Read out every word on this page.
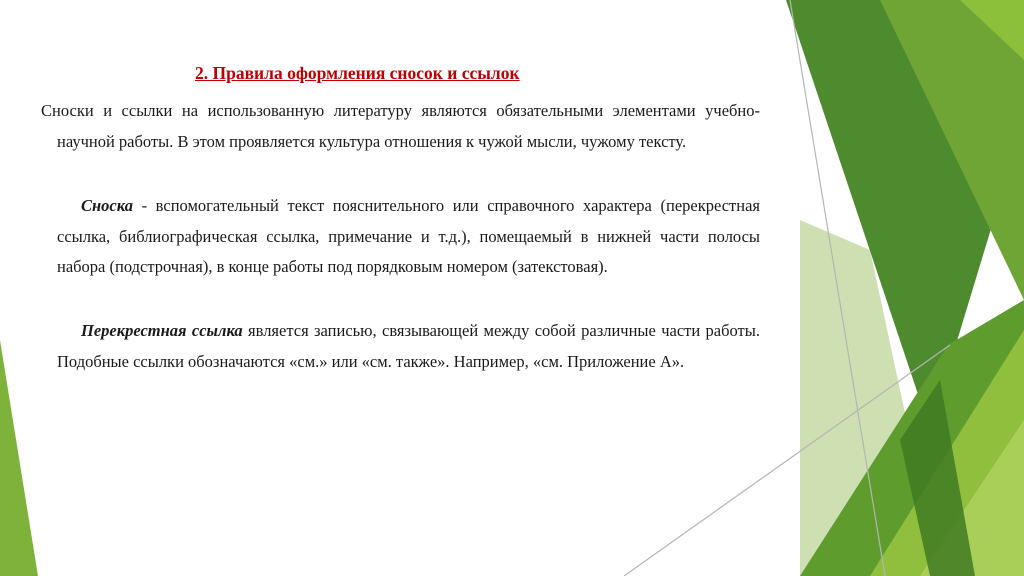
2. Правила оформления сносок и ссылок
Сноски и ссылки на использованную литературу являются обязательными элементами учебно-научной работы. В этом проявляется культура отношения к чужой мысли, чужому тексту.
Сноска - вспомогательный текст пояснительного или справочного характера (перекрестная ссылка, библиографическая ссылка, примечание и т.д.), помещаемый в нижней части полосы набора (подстрочная), в конце работы под порядковым номером (затекстовая).
Перекрестная ссылка является записью, связывающей между собой различные части работы. Подобные ссылки обозначаются «см.» или «см. также». Например, «см. Приложение А».
